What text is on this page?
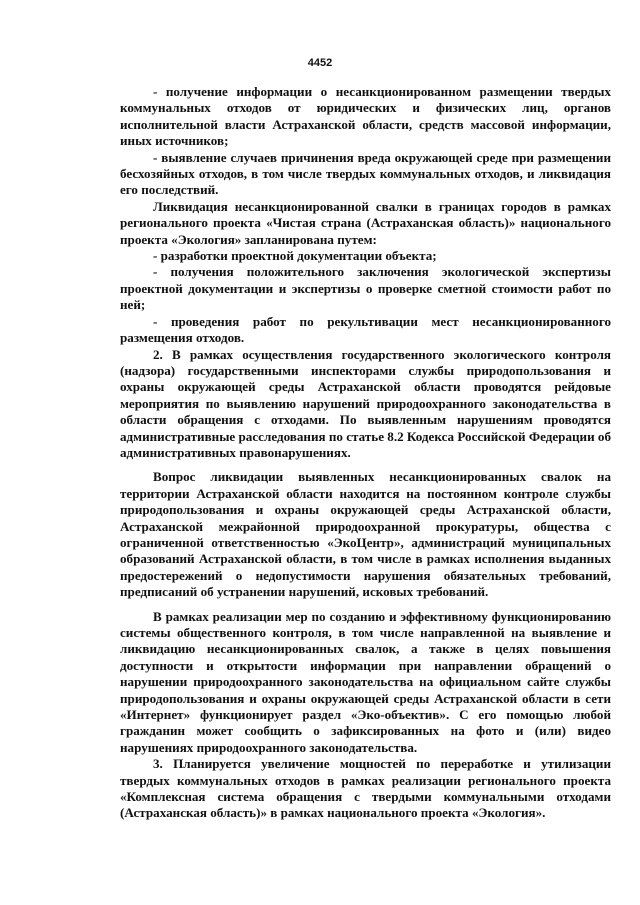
4452

- получение информации о несанкционированном размещении твердых коммунальных отходов от юридических и физических лиц, органов исполнительной власти Астраханской области, средств массовой информации, иных источников;

- выявление случаев причинения вреда окружающей среде при размещении бесхозяйных отходов, в том числе твердых коммунальных отходов, и ликвидация его последствий.

Ликвидация несанкционированной свалки в границах городов в рамках регионального проекта «Чистая страна (Астраханская область)» национального проекта «Экология» запланирована путем:

- разработки проектной документации объекта;

- получения положительного заключения экологической экспертизы проектной документации и экспертизы о проверке сметной стоимости работ по ней;

- проведения работ по рекультивации мест несанкционированного размещения отходов.

2. В рамках осуществления государственного экологического контроля (надзора) государственными инспекторами службы природопользования и охраны окружающей среды Астраханской области проводятся рейдовые мероприятия по выявлению нарушений природоохранного законодательства в области обращения с отходами. По выявленным нарушениям проводятся административные расследования по статье 8.2 Кодекса Российской Федерации об административных правонарушениях.

Вопрос ликвидации выявленных несанкционированных свалок на территории Астраханской области находится на постоянном контроле службы природопользования и охраны окружающей среды Астраханской области, Астраханской межрайонной природоохранной прокуратуры, общества с ограниченной ответственностью «ЭкоЦентр», администраций муниципальных образований Астраханской области, в том числе в рамках исполнения выданных предостережений о недопустимости нарушения обязательных требований, предписаний об устранении нарушений, исковых требований.

В рамках реализации мер по созданию и эффективному функционированию системы общественного контроля, в том числе направленной на выявление и ликвидацию несанкционированных свалок, а также в целях повышения доступности и открытости информации при направлении обращений о нарушении природоохранного законодательства на официальном сайте службы природопользования и охраны окружающей среды Астраханской области в сети «Интернет» функционирует раздел «Эко-объектив». С его помощью любой гражданин может сообщить о зафиксированных на фото и (или) видео нарушениях природоохранного законодательства.

3. Планируется увеличение мощностей по переработке и утилизации твердых коммунальных отходов в рамках реализации регионального проекта «Комплексная система обращения с твердыми коммунальными отходами (Астраханская область)» в рамках национального проекта «Экология».
